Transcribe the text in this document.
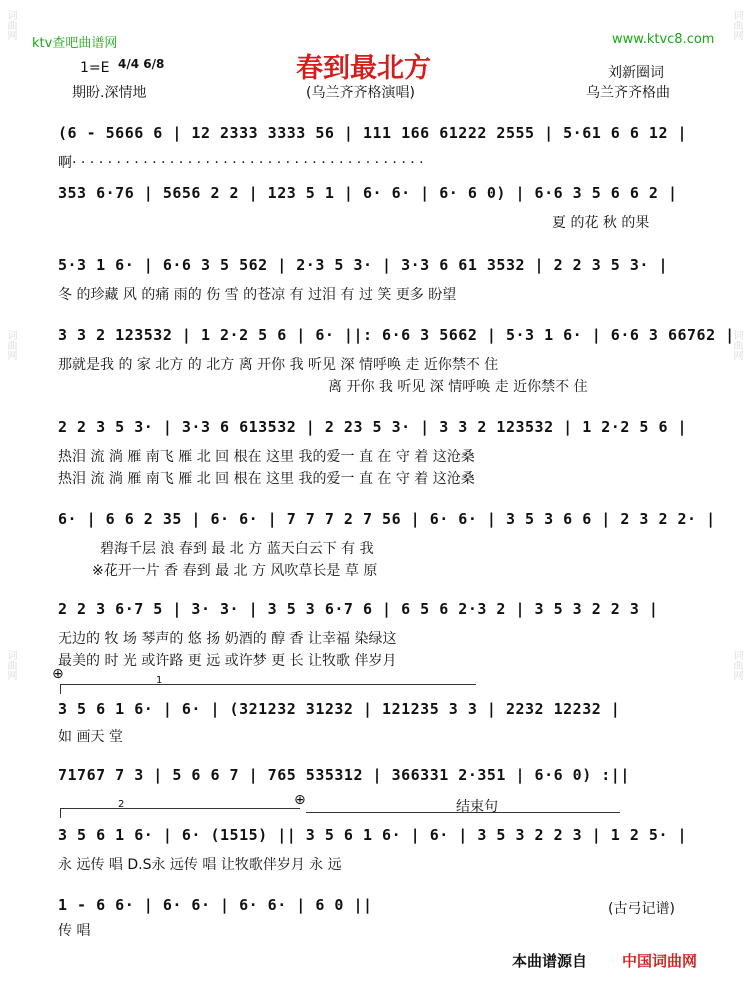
ktv查吧曲谱网	www.ktvc8.com
1=E 4/4 6/8	春到最北方	刘新圈词
期盼.深情地	(乌兰齐齐格演唱)	乌兰齐齐格曲
(6 - 5666 6 | 12 2333 3333 56 | 111 166 61222 2555 | 5·61 6 6 12 |
啊· · · · · · · · · · · · · · · · · · · · · · · · · · · · · · · · · · · · · · · ·
353 6·76 | 5656 2 2 | 123 5 1 | 6· 6· | 6· 6 0) | 6·6 3 5 6 6 2 |
夏 的花 秋 的果
5·3 1 6· | 6·6 3 5 562 | 2·3 5 3· | 3·3 6 61 3532 | 2 2 3 5 3· |
冬 的珍藏 风 的痛 雨的 伤 雪 的苍凉 有 过泪 有 过 笑 更多 盼望
3 3 2 123532 | 1 2·2 5 6 | 6· ||: 6·6 3 5662 | 5·3 1 6· | 6·6 3 66762 |
那就是我 的 家 北方 的 北方 离 开你 我 听见 深 情呼唤 走 近你禁不 住
离 开你 我 听见 深 情呼唤 走 近你禁不 住
2 2 3 5 3· | 3·3 6 613532 | 2 23 5 3· | 3 3 2 123532 | 1 2·2 5 6 |
热泪 流 淌 雁 南飞 雁 北 回 根在 这里 我的爱一 直 在 守 着 这沧桑
热泪 流 淌 雁 南飞 雁 北 回 根在 这里 我的爱一 直 在 守 着 这沧桑
6· | 6 6 2 35 | 6· 6· | 7 7 7 2 7 56 | 6· 6· | 3 5 3 6 6 | 2 3 2 2· |
碧海千层 浪 春到 最 北 方 蓝天白云下 有 我
※花开一片 香 春到 最 北 方 风吹草长是 草 原
2 2 3 6·7 5 | 3· 3· | 3 5 3 6·7 6 | 6 5 6 2·3 2 | 3 5 3 2 2 3 |
无边的 牧 场 琴声的 悠 扬 奶酒的 醇 香 让幸福 染绿这
最美的 时 光 或许路 更 远 或许梦 更 长 让牧歌 伴岁月
⊕	1
3 5 6 1 6· | 6· | (321232 31232 | 121235 3 3 | 2232 12232 |
如 画天 堂
71767 7 3 | 5 6 6 7 | 765 535312 | 366331 2·351 | 6·6 0) :||
2	⊕	结束句
3 5 6 1 6· | 6· (1515) || 3 5 6 1 6· | 6· | 3 5 3 2 2 3 | 1 2 5· |
永 远传 唱 D.S永 远传 唱 让牧歌伴岁月 永 远
1 - 6 6· | 6· 6· | 6· 6· | 6 0 ||
传 唱
(古弓记谱)
本曲谱源自 中国词曲网
词曲网
词曲网
词曲网
词曲网
词曲网
词曲网
